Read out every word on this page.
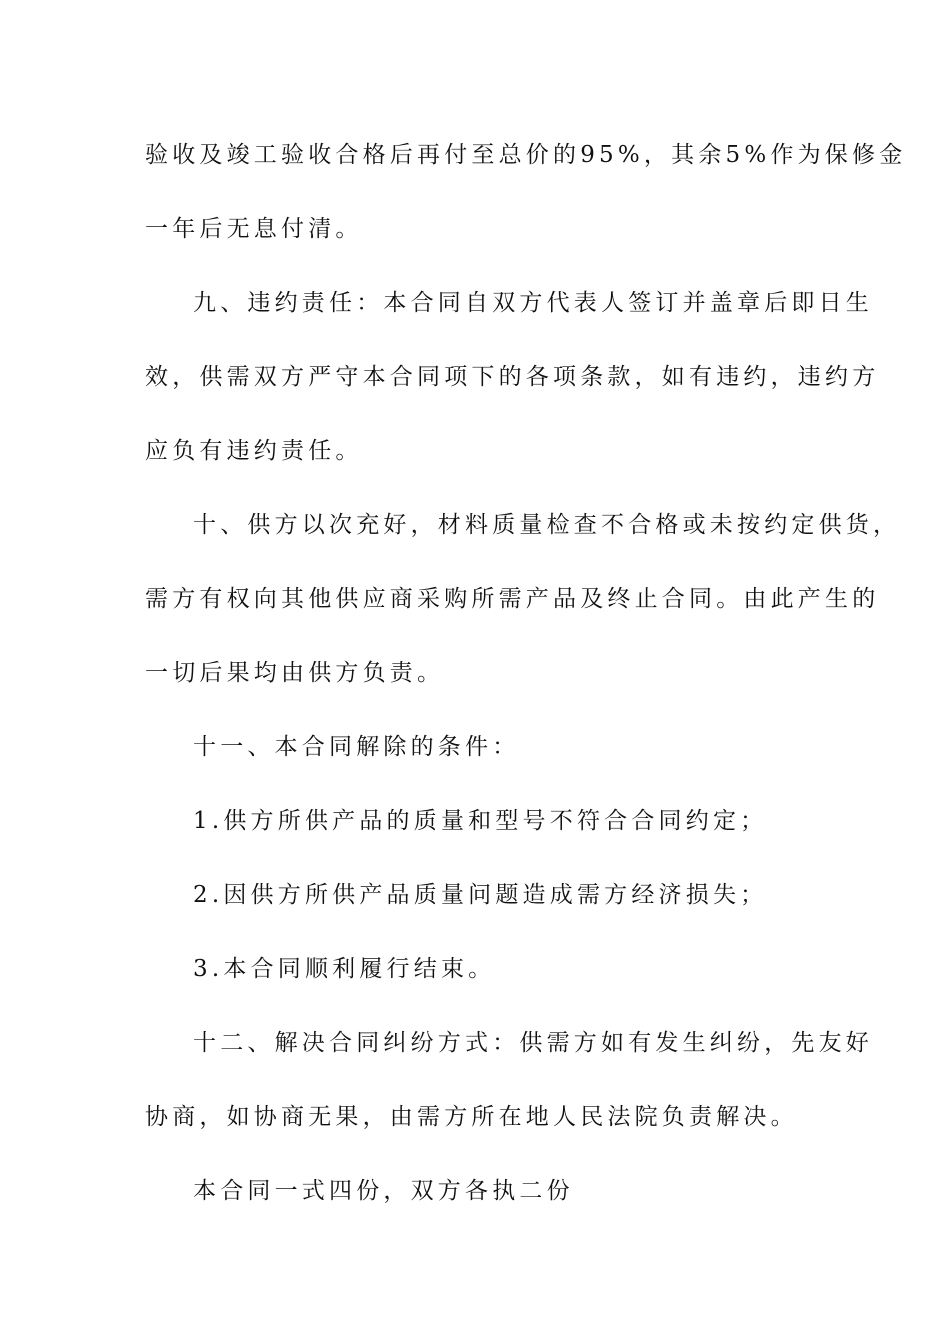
验收及竣工验收合格后再付至总价的95%，其余5%作为保修金
一年后无息付清。
九、违约责任：本合同自双方代表人签订并盖章后即日生
效，供需双方严守本合同项下的各项条款，如有违约，违约方
应负有违约责任。
十、供方以次充好，材料质量检查不合格或未按约定供货，
需方有权向其他供应商采购所需产品及终止合同。由此产生的
一切后果均由供方负责。
十一、本合同解除的条件：
1.供方所供产品的质量和型号不符合合同约定；
2.因供方所供产品质量问题造成需方经济损失；
3.本合同顺利履行结束。
十二、解决合同纠纷方式：供需方如有发生纠纷，先友好
协商，如协商无果，由需方所在地人民法院负责解决。
本合同一式四份，双方各执二份
